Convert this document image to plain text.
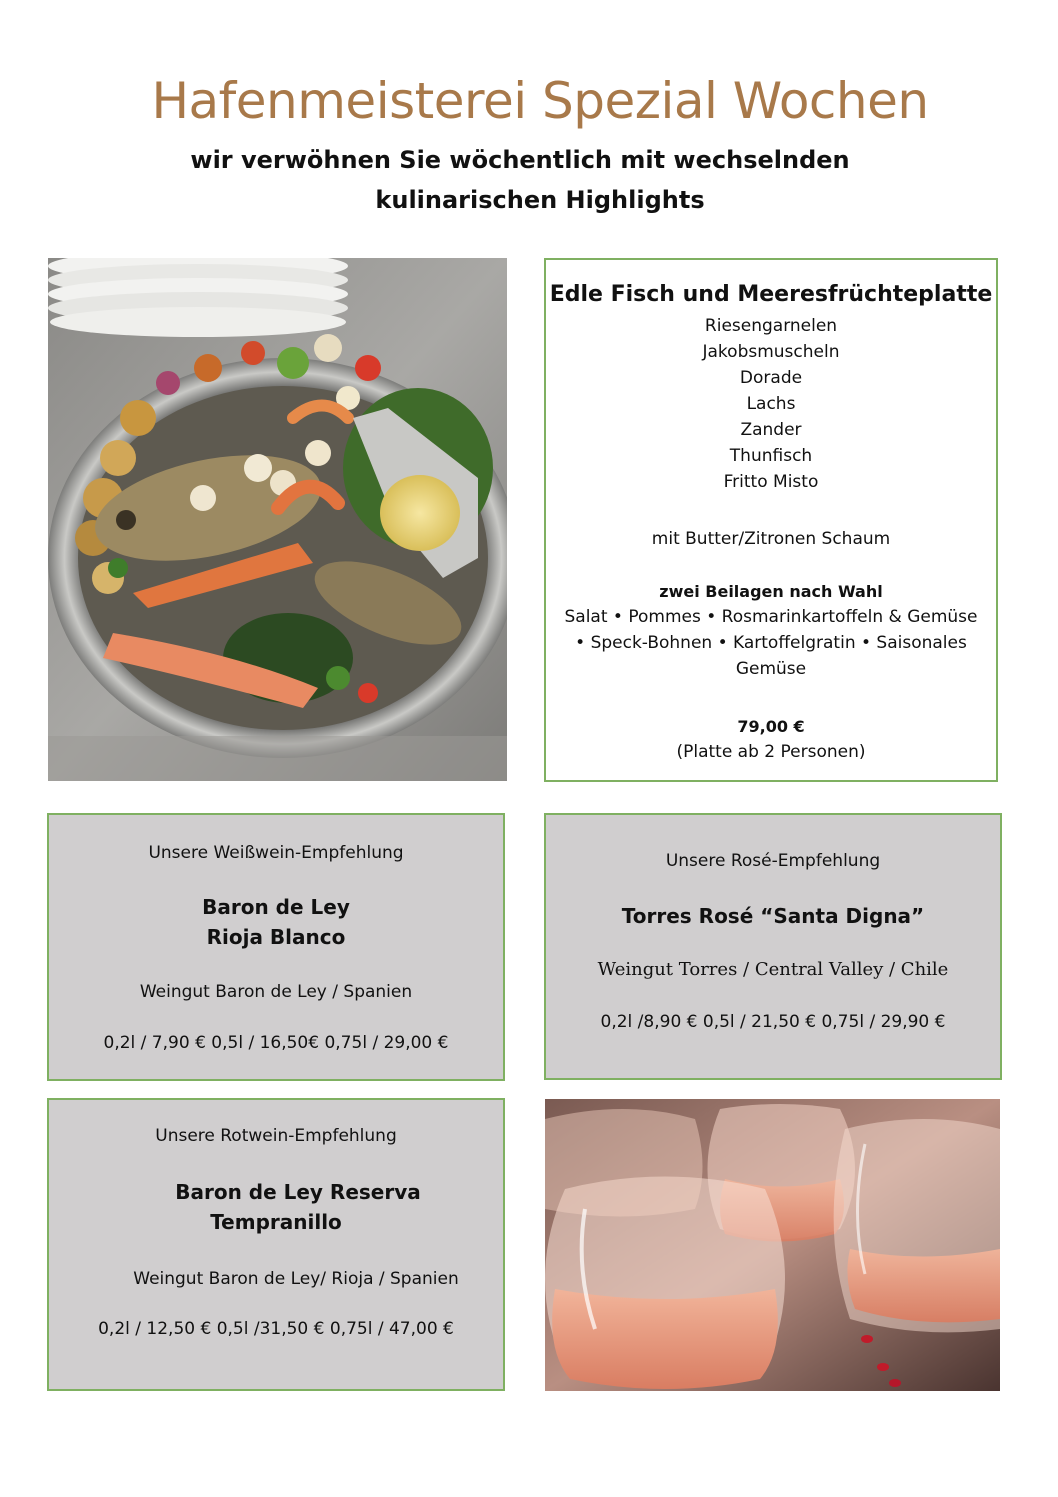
Hafenmeisterei Spezial Wochen
wir verwöhnen Sie wöchentlich mit wechselnden
kulinarischen Highlights
Edle Fisch und Meeresfrüchteplatte
Riesengarnelen
Jakobsmuscheln
Dorade
Lachs
Zander
Thunfisch
Fritto Misto
mit Butter/Zitronen Schaum
zwei Beilagen nach Wahl
Salat • Pommes • Rosmarinkartoffeln & Gemüse
• Speck-Bohnen • Kartoffelgratin • Saisonales
Gemüse
79,00 €
(Platte ab 2 Personen)
Unsere Weißwein-Empfehlung
Baron de Ley
Rioja Blanco
Weingut Baron de Ley / Spanien
0,2l / 7,90 € 0,5l / 16,50€ 0,75l / 29,00 €
Unsere Rosé-Empfehlung
Torres Rosé “Santa Digna”
Weingut Torres / Central Valley / Chile
0,2l /8,90 € 0,5l / 21,50 € 0,75l / 29,90 €
Unsere Rotwein-Empfehlung
Baron de Ley Reserva
Tempranillo
Weingut Baron de Ley/ Rioja / Spanien
0,2l / 12,50 € 0,5l /31,50 € 0,75l / 47,00 €
